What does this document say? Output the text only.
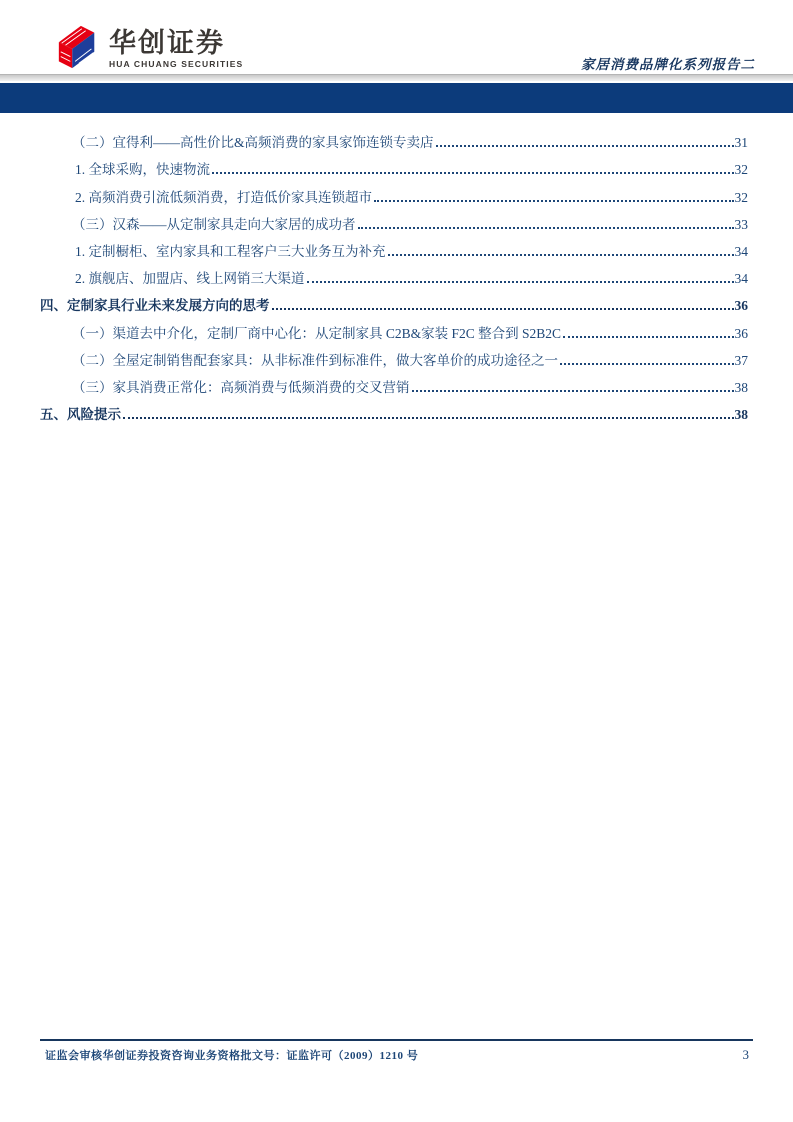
华创证券
HUA CHUANG SECURITIES	家居消费品牌化系列报告二
（二）宜得利——高性价比&高频消费的家具家饰连锁专卖店	31
1. 全球采购，快速物流	32
2. 高频消费引流低频消费，打造低价家具连锁超市	32
（三）汉森——从定制家具走向大家居的成功者	33
1. 定制橱柜、室内家具和工程客户三大业务互为补充	34
2. 旗舰店、加盟店、线上网销三大渠道	34
四、定制家具行业未来发展方向的思考	36
（一）渠道去中介化，定制厂商中心化：从定制家具 C2B&家装 F2C 整合到 S2B2C	36
（二）全屋定制销售配套家具：从非标准件到标准件，做大客单价的成功途径之一	37
（三）家具消费正常化：高频消费与低频消费的交叉营销	38
五、风险提示	38
证监会审核华创证券投资咨询业务资格批文号：证监许可（2009）1210 号	3
